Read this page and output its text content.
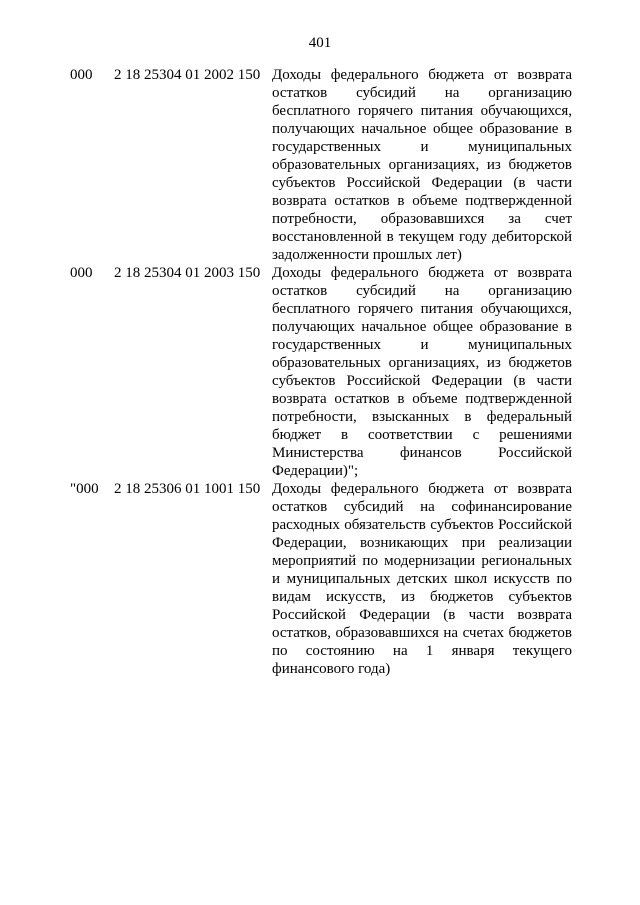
401
000	2 18 25304 01 2002 150 Доходы федерального бюджета от возврата остатков субсидий на организацию бесплатного горячего питания обучающихся, получающих начальное общее образование в государственных и муниципальных образовательных организациях, из бюджетов субъектов Российской Федерации (в части возврата остатков в объеме подтвержденной потребности, образовавшихся за счет восстановленной в текущем году дебиторской задолженности прошлых лет)
000	2 18 25304 01 2003 150 Доходы федерального бюджета от возврата остатков субсидий на организацию бесплатного горячего питания обучающихся, получающих начальное общее образование в государственных и муниципальных образовательных организациях, из бюджетов субъектов Российской Федерации (в части возврата остатков в объеме подтвержденной потребности, взысканных в федеральный бюджет в соответствии с решениями Министерства финансов Российской Федерации)";
"000	2 18 25306 01 1001 150 Доходы федерального бюджета от возврата остатков субсидий на софинансирование расходных обязательств субъектов Российской Федерации, возникающих при реализации мероприятий по модернизации региональных и муниципальных детских школ искусств по видам искусств, из бюджетов субъектов Российской Федерации (в части возврата остатков, образовавшихся на счетах бюджетов по состоянию на 1 января текущего финансового года)
